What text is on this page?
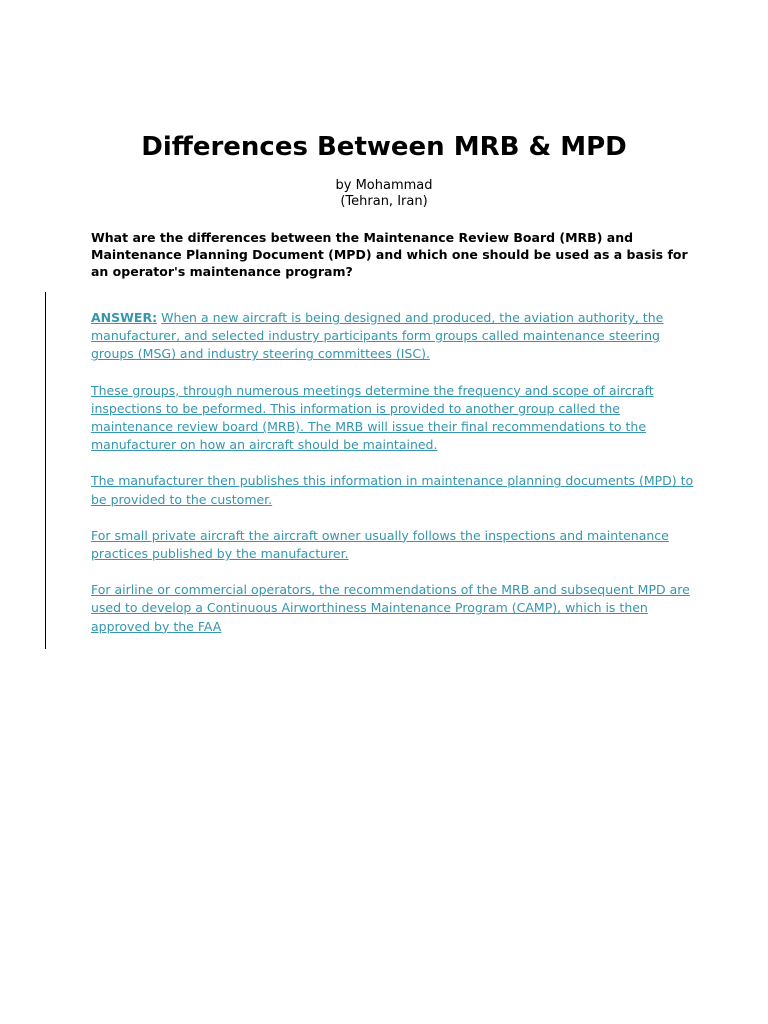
Differences Between MRB & MPD
by Mohammad
(Tehran, Iran)

What are the differences between the Maintenance Review Board (MRB) and Maintenance Planning Document (MPD) and which one should be used as a basis for an operator's maintenance program?

ANSWER: When a new aircraft is being designed and produced, the aviation authority, the manufacturer, and selected industry participants form groups called maintenance steering groups (MSG) and industry steering committees (ISC).

These groups, through numerous meetings determine the frequency and scope of aircraft inspections to be peformed. This information is provided to another group called the maintenance review board (MRB). The MRB will issue their final recommendations to the manufacturer on how an aircraft should be maintained.

The manufacturer then publishes this information in maintenance planning documents (MPD) to be provided to the customer.

For small private aircraft the aircraft owner usually follows the inspections and maintenance practices published by the manufacturer.

For airline or commercial operators, the recommendations of the MRB and subsequent MPD are used to develop a Continuous Airworthiness Maintenance Program (CAMP), which is then approved by the FAA
